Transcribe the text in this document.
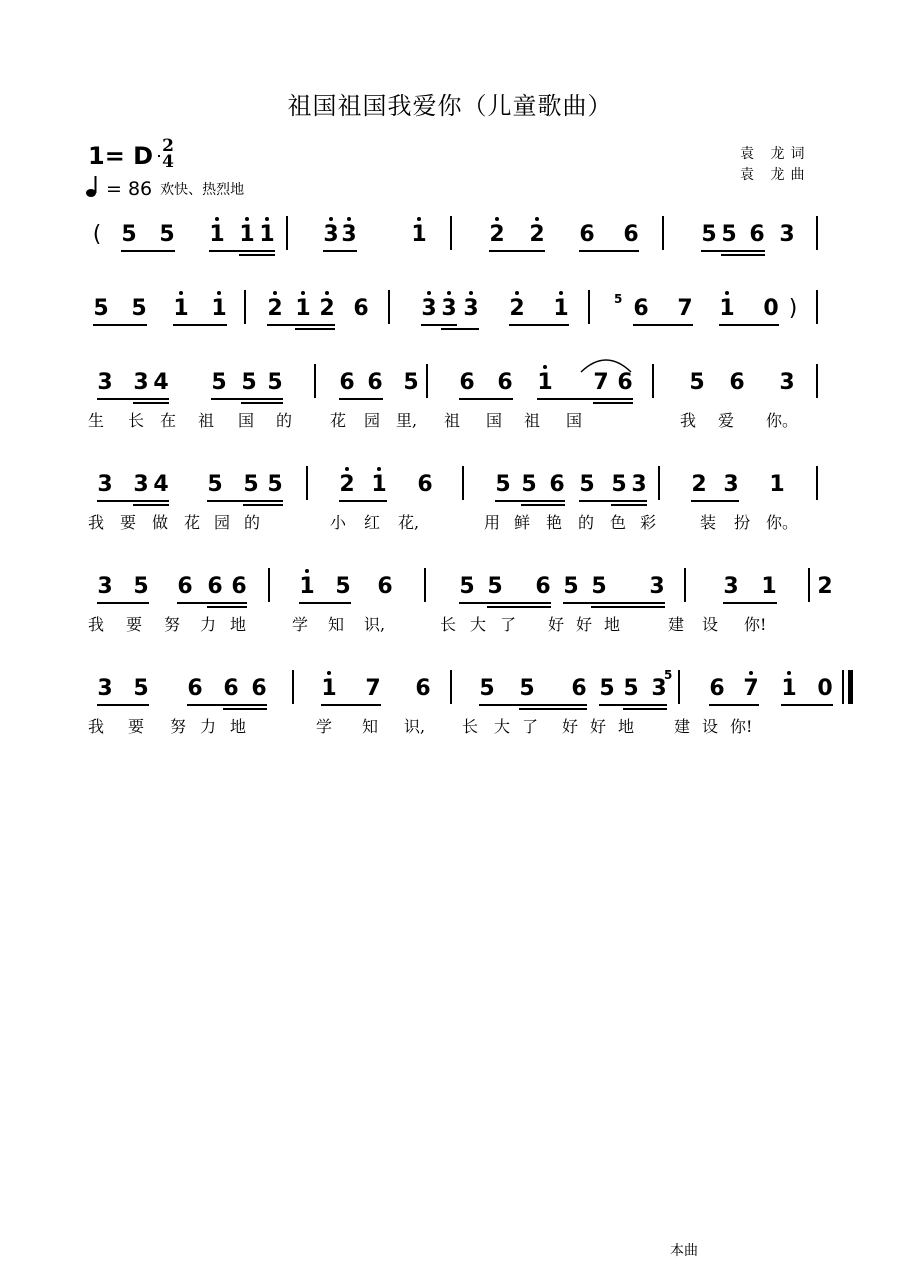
祖国祖国我爱你（儿童歌曲）
1= D 2
4
= 86 欢快、热烈地
袁 龙词
袁 龙曲
( 5 5 1 1 1 3 3 1	2 2 6 6	5 5 6 3
5 5 1 1 2 1 2 6 3 3 3 2 1	6 7 1 0 )
3 3 4 5 5 5	6 6 5 6 6 1 7 6	5 6 3
生 长 在 祖 国 的 花 园 里, 祖 国 祖 国	我 爱 你。
3 3 4 5 5 5	2 1 6	5 5 6 5 5 3 2 3 1
我 要 做 花 园 的	小 红 花,	用 鲜 艳 的 色 彩	装 扮 你。
3 5 6 6 6 1 5 6	5 5 6 5 5 3	3 1 2
我 要 努 力 地	学 知 识,	长 大 了 好 好 地	建 设 你!
3 5 6 6 6 1 7 6 5 5 6 5 5 3 6 7 1 0
我 要 努 力 地	学 知 识, 长 大 了 好 好 地 建 设 你!
5
5
本曲
